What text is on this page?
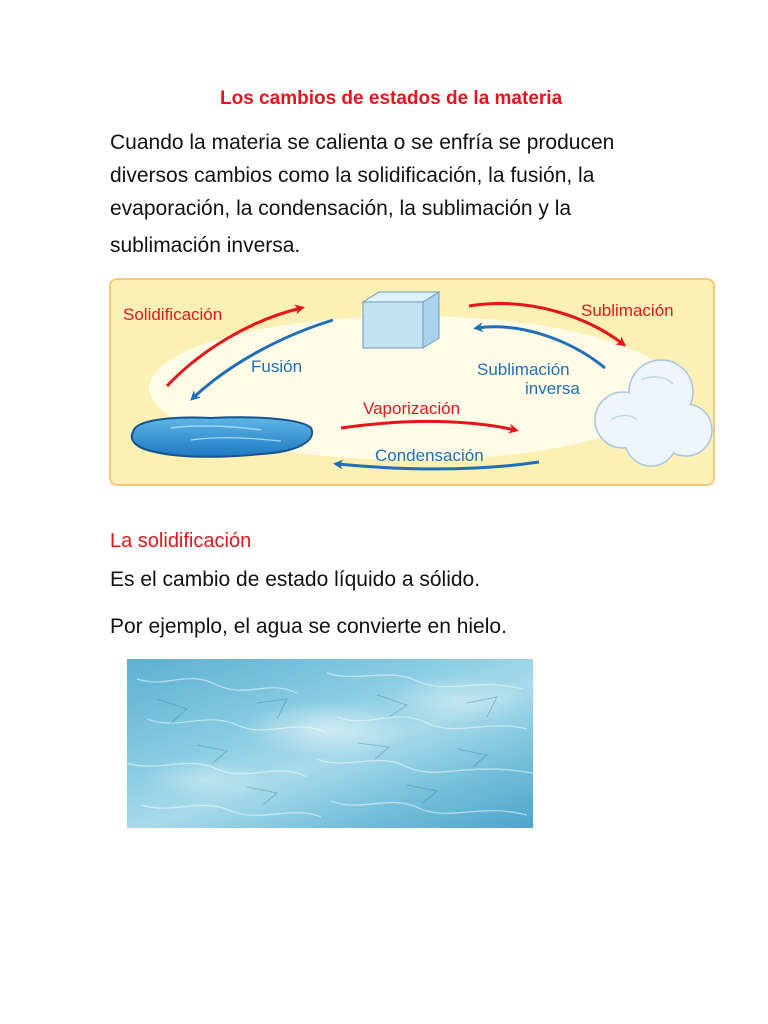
Los cambios de estados de la materia
Cuando la materia se calienta o se enfría se producen
diversos cambios como la solidificación, la fusión, la
evaporación, la condensación, la sublimación y la

sublimación inversa.
Solidificación
Fusión
Sublimación
Sublimación
inversa
Vaporización
Condensación
La solidificación
Es el cambio de estado líquido a sólido.
Por ejemplo, el agua se convierte en hielo.
